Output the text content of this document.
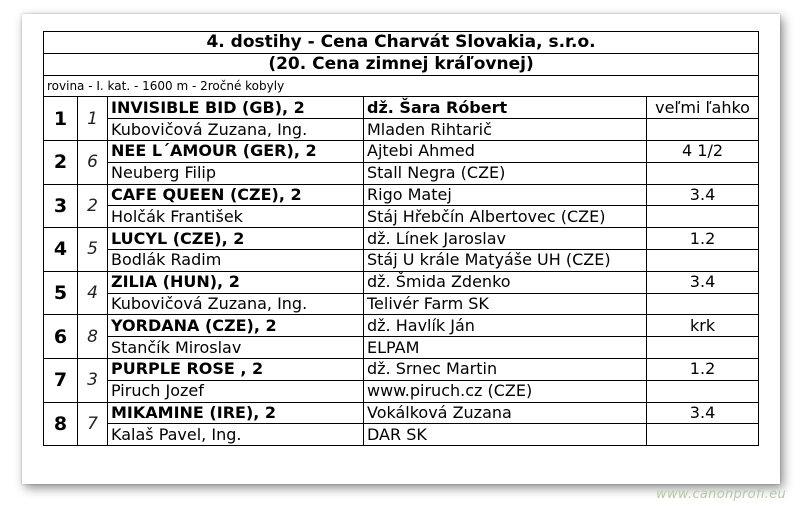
4. dostihy - Cena Charvát Slovakia, s.r.o.				
(20. Cena zimnej kráľovnej)				
rovina - I. kat. - 1600 m - 2ročné kobyly				
1	1	INVISIBLE BID (GB), 2	dž. Šara Róbert	veľmi ľahko
		Kubovičová Zuzana, Ing.	Mladen Rihtarič	
2	6	NEE L´AMOUR (GER), 2	Ajtebi Ahmed	4 1/2
		Neuberg Filip	Stall Negra (CZE)	
3	2	CAFE QUEEN (CZE), 2	Rigo Matej	3.4
		Holčák František	Stáj Hřebčín Albertovec (CZE)	
4	5	LUCYL (CZE), 2	dž. Línek Jaroslav	1.2
		Bodlák Radim	Stáj U krále Matyáše UH (CZE)	
5	4	ZILIA (HUN), 2	dž. Šmida Zdenko	3.4
		Kubovičová Zuzana, Ing.	Telivér Farm SK	
6	8	YORDANA (CZE), 2	dž. Havlík Ján	krk
		Stančík Miroslav	ELPAM	
7	3	PURPLE ROSE , 2	dž. Srnec Martin	1.2
		Piruch Jozef	www.piruch.cz (CZE)	
8	7	MIKAMINE (IRE), 2	Vokálková Zuzana	3.4
		Kalaš Pavel, Ing.	DAR SK	
www.canonprofi.eu
